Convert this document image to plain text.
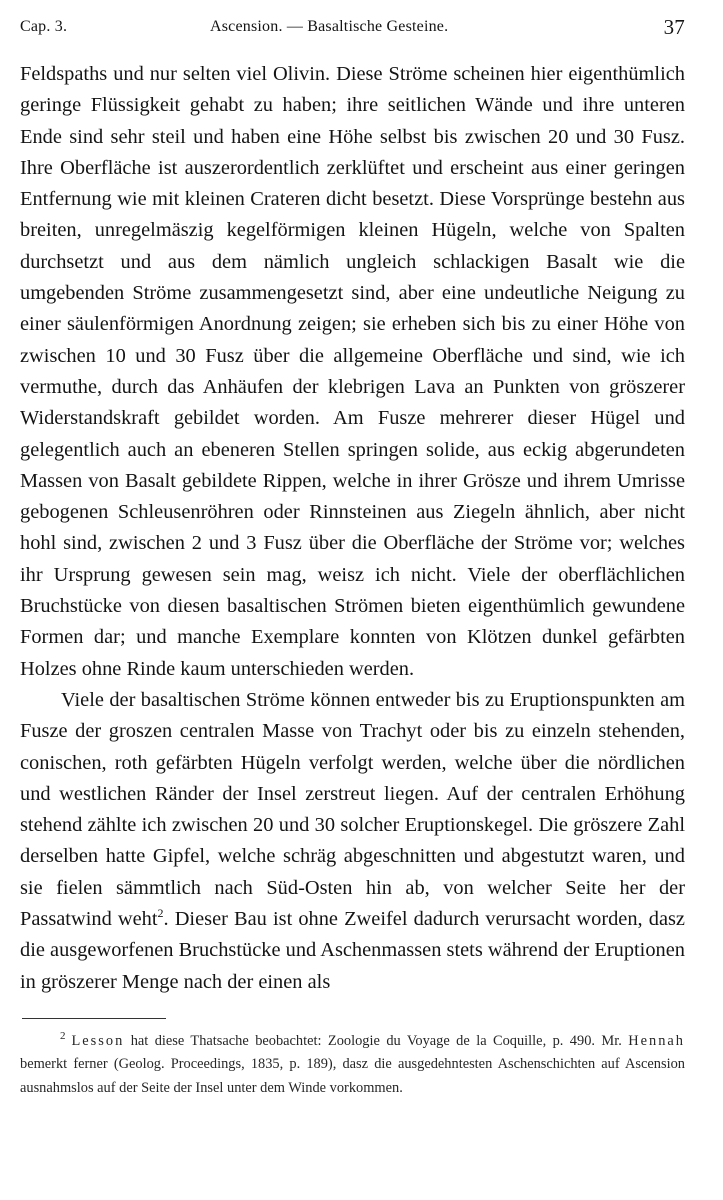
Cap. 3.	Ascension. — Basaltische Gesteine.	37

Feldspaths und nur selten viel Olivin. Diese Ströme scheinen hier eigenthümlich geringe Flüssigkeit gehabt zu haben; ihre seitlichen Wände und ihre unteren Ende sind sehr steil und haben eine Höhe selbst bis zwischen 20 und 30 Fusz. Ihre Oberfläche ist auszerordentlich zerklüftet und erscheint aus einer geringen Entfernung wie mit kleinen Crateren dicht besetzt. Diese Vorsprünge bestehn aus breiten, unregelmäszig kegelförmigen kleinen Hügeln, welche von Spalten durchsetzt und aus dem nämlich ungleich schlackigen Basalt wie die umgebenden Ströme zusammengesetzt sind, aber eine undeutliche Neigung zu einer säulenförmigen Anordnung zeigen; sie erheben sich bis zu einer Höhe von zwischen 10 und 30 Fusz über die allgemeine Oberfläche und sind, wie ich vermuthe, durch das Anhäufen der klebrigen Lava an Punkten von gröszerer Widerstandskraft gebildet worden. Am Fusze mehrerer dieser Hügel und gelegentlich auch an ebeneren Stellen springen solide, aus eckig abgerundeten Massen von Basalt gebildete Rippen, welche in ihrer Grösze und ihrem Umrisse gebogenen Schleusenröhren oder Rinnsteinen aus Ziegeln ähnlich, aber nicht hohl sind, zwischen 2 und 3 Fusz über die Oberfläche der Ströme vor; welches ihr Ursprung gewesen sein mag, weisz ich nicht. Viele der oberflächlichen Bruchstücke von diesen basaltischen Strömen bieten eigenthümlich gewundene Formen dar; und manche Exemplare konnten von Klötzen dunkel gefärbten Holzes ohne Rinde kaum unterschieden werden.

Viele der basaltischen Ströme können entweder bis zu Eruptionspunkten am Fusze der groszen centralen Masse von Trachyt oder bis zu einzeln stehenden, conischen, roth gefärbten Hügeln verfolgt werden, welche über die nördlichen und westlichen Ränder der Insel zerstreut liegen. Auf der centralen Erhöhung stehend zählte ich zwischen 20 und 30 solcher Eruptionskegel. Die gröszere Zahl derselben hatte Gipfel, welche schräg abgeschnitten und abgestutzt waren, und sie fielen sämmtlich nach Süd-Osten hin ab, von welcher Seite her der Passatwind weht$^2$. Dieser Bau ist ohne Zweifel dadurch verursacht worden, dasz die ausgeworfenen Bruchstücke und Aschenmassen stets während der Eruptionen in gröszerer Menge nach der einen als

$^2$ Lesson hat diese Thatsache beobachtet: Zoologie du Voyage de la Coquille, p. 490. Mr. Hennah bemerkt ferner (Geolog. Proceedings, 1835, p. 189), dasz die ausgedehntesten Aschenschichten auf Ascension ausnahmslos auf der Seite der Insel unter dem Winde vorkommen.
